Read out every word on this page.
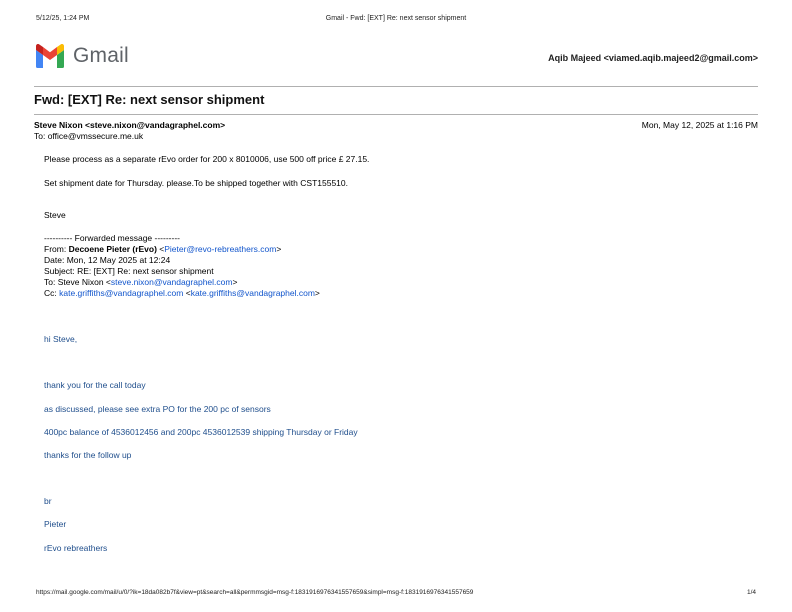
5/12/25, 1:24 PM	Gmail - Fwd: [EXT] Re: next sensor shipment
Gmail	Aqib Majeed <viamed.aqib.majeed2@gmail.com>
Fwd: [EXT] Re: next sensor shipment
Steve Nixon <steve.nixon@vandagraphel.com>	Mon, May 12, 2025 at 1:16 PM
To: office@vmssecure.me.uk
Please process as a separate rEvo order for 200 x 8010006, use 500 off price £ 27.15.
Set shipment date for Thursday. please.To be shipped together with CST155510.
Steve
---------- Forwarded message ---------
From: Decoene Pieter (rEvo) <Pieter@revo-rebreathers.com>
Date: Mon, 12 May 2025 at 12:24
Subject: RE: [EXT] Re: next sensor shipment
To: Steve Nixon <steve.nixon@vandagraphel.com>
Cc: kate.griffiths@vandagraphel.com <kate.griffiths@vandagraphel.com>
hi Steve,
thank you for the call today
as discussed, please see extra PO for the 200 pc of sensors
400pc balance of 4536012456 and 200pc 4536012539 shipping Thursday or Friday
thanks for the follow up
br
Pieter
rEvo rebreathers
https://mail.google.com/mail/u/0/?ik=18da082b7f&view=pt&search=all&permmsgid=msg-f:1831916976341557659&simpl=msg-f:1831916976341557659	1/4
